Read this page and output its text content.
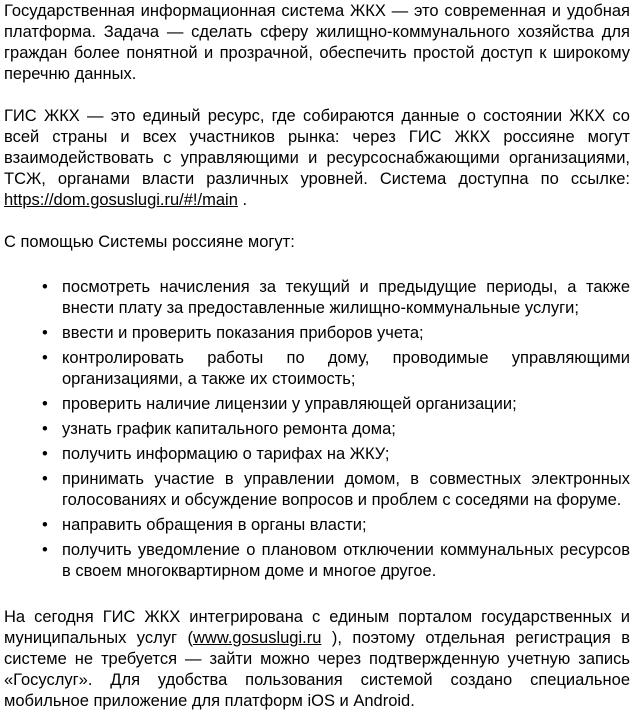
Государственная информационная система ЖКХ — это современная и удобная платформа. Задача — сделать сферу жилищно-коммунального хозяйства для граждан более понятной и прозрачной, обеспечить простой доступ к широкому перечню данных.

ГИС ЖКХ — это единый ресурс, где собираются данные о состоянии ЖКХ со всей страны и всех участников рынка: через ГИС ЖКХ россияне могут взаимодействовать с управляющими и ресурсоснабжающими организациями, ТСЖ, органами власти различных уровней. Система доступна по ссылке: https://dom.gosuslugi.ru/#!/main .

С помощью Системы россияне могут:

• посмотреть начисления за текущий и предыдущие периоды, а также внести плату за предоставленные жилищно-коммунальные услуги;
• ввести и проверить показания приборов учета;
• контролировать работы по дому, проводимые управляющими организациями, а также их стоимость;
• проверить наличие лицензии у управляющей организации;
• узнать график капитального ремонта дома;
• получить информацию о тарифах на ЖКУ;
• принимать участие в управлении домом, в совместных электронных голосованиях и обсуждение вопросов и проблем с соседями на форуме.
• направить обращения в органы власти;
• получить уведомление о плановом отключении коммунальных ресурсов в своем многоквартирном доме и многое другое.

На сегодня ГИС ЖКХ интегрирована с единым порталом государственных и муниципальных услуг (www.gosuslugi.ru ), поэтому отдельная регистрация в системе не требуется — зайти можно через подтвержденную учетную запись «Госуслуг». Для удобства пользования системой создано специальное мобильное приложение для платформ iOS и Android.
